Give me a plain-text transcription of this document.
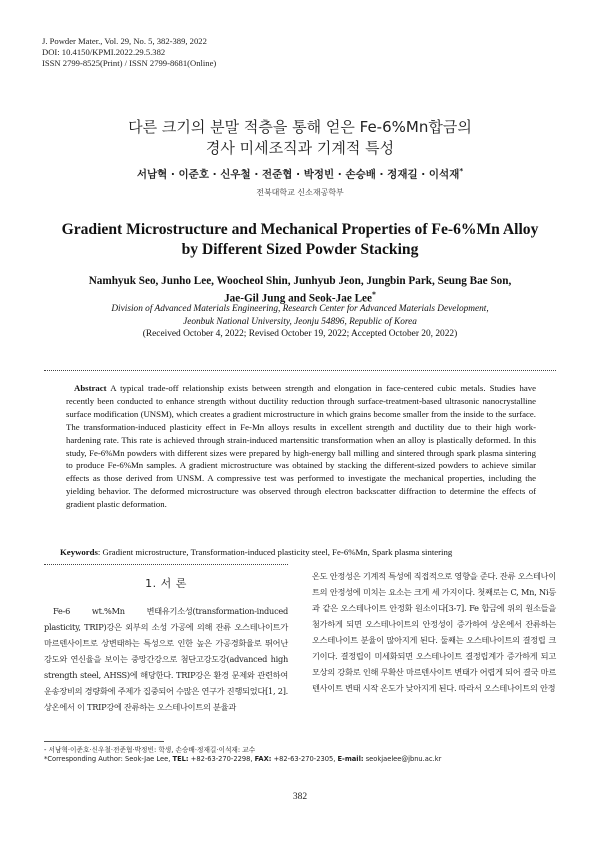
J. Powder Mater., Vol. 29, No. 5, 382-389, 2022
DOI: 10.4150/KPMI.2022.29.5.382
ISSN 2799-8525(Print) / ISSN 2799-8681(Online)
다른 크기의 분말 적층을 통해 얻은 Fe-6%Mn합금의
경사 미세조직과 기계적 특성
서남혁 · 이준호 · 신우철 · 전준협 · 박정빈 · 손승배 · 정재길 · 이석재*
전북대학교 신소재공학부
Gradient Microstructure and Mechanical Properties of Fe-6%Mn Alloy
by Different Sized Powder Stacking
Namhyuk Seo, Junho Lee, Woocheol Shin, Junhyub Jeon, Jungbin Park, Seung Bae Son,
Jae-Gil Jung and Seok-Jae Lee*
Division of Advanced Materials Engineering, Research Center for Advanced Materials Development,
Jeonbuk National University, Jeonju 54896, Republic of Korea
(Received October 4, 2022; Revised October 19, 2022; Accepted October 20, 2022)
Abstract A typical trade-off relationship exists between strength and elongation in face-centered cubic metals. Studies have recently been conducted to enhance strength without ductility reduction through surface-treatment-based ultrasonic nanocrystalline surface modification (UNSM), which creates a gradient microstructure in which grains become smaller from the inside to the surface. The transformation-induced plasticity effect in Fe-Mn alloys results in excellent strength and ductility due to their high work-hardening rate. This rate is achieved through strain-induced martensitic transformation when an alloy is plastically deformed. In this study, Fe-6%Mn powders with different sizes were prepared by high-energy ball milling and sintered through spark plasma sintering to produce Fe-6%Mn samples. A gradient microstructure was obtained by stacking the different-sized powders to achieve similar effects as those derived from UNSM. A compressive test was performed to investigate the mechanical properties, including the yielding behavior. The deformed microstructure was observed through electron backscatter diffraction to determine the effects of gradient plastic deformation.
Keywords: Gradient microstructure, Transformation-induced plasticity steel, Fe-6%Mn, Spark plasma sintering
1. 서 론
Fe-6 wt.%Mn 변태유기소성(transformation-induced plasticity, TRIP)강은 외부의 소성 가공에 의해 잔류 오스테나이트가 마르텐사이트로 상변태하는 특성으로 인한 높은 가공경화율로 뛰어난 강도와 연신율을 보이는 중망간강으로 첨단고강도강(advanced high strength steel, AHSS)에 해당한다. TRIP강은 환경 문제와 관련하여 운송장비의 경량화에 주제가 집중되어 수많은 연구가 진행되었다[1, 2]. 상온에서 이 TRIP강에 잔류하는 오스테나이트의 분율과
온도 안정성은 기계적 특성에 직접적으로 영향을 준다. 잔류 오스테나이트의 안정성에 미치는 요소는 크게 세 가지이다. 첫째로는 C, Mn, Ni등과 같은 오스테나이트 안정화 원소이다[3-7]. Fe 합금에 위의 원소들을 첨가하게 되면 오스테나이트의 안정성이 증가하여 상온에서 잔류하는 오스테나이트 분율이 많아지게 된다. 둘째는 오스테나이트의 결정립 크기이다. 결정립이 미세화되면 오스테나이트 결정립계가 증가하게 되고 모상의 강화로 인해 무확산 마르텐사이트 변태가 어렵게 되어 결국 마르텐사이트 변태 시작 온도가 낮아지게 된다. 따라서 오스테나이트의 안정
- 서남혁·이준호·신우철·전준협·박정빈: 학생, 손승배·정재길·이석재: 교수
*Corresponding Author: Seok-Jae Lee, TEL: +82-63-270-2298, FAX: +82-63-270-2305, E-mail: seokjaelee@jbnu.ac.kr
382
